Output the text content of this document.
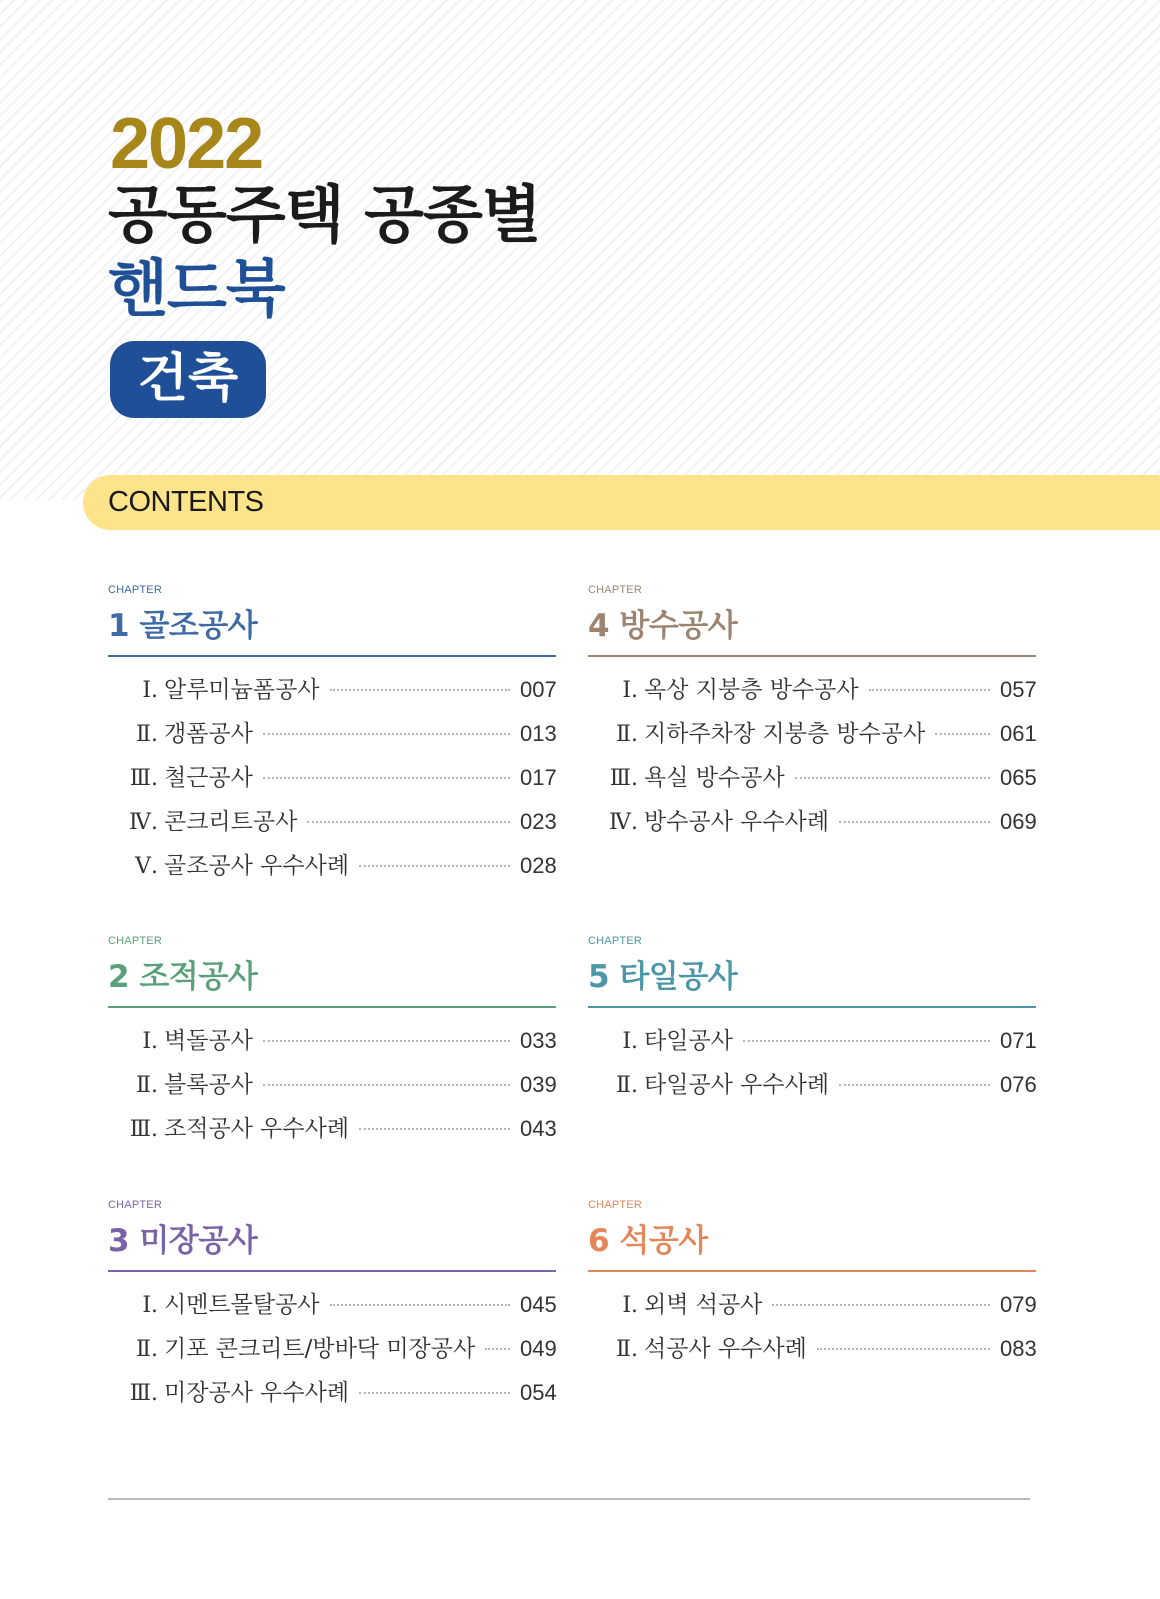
2022
공동주택 공종별
핸드북
건축
CONTENTS
CHAPTER
1 골조공사
Ⅰ. 알루미늄폼공사	007
Ⅱ. 갱폼공사	013
Ⅲ. 철근공사	017
Ⅳ. 콘크리트공사	023
Ⅴ. 골조공사 우수사례	028
CHAPTER
2 조적공사
Ⅰ. 벽돌공사	033
Ⅱ. 블록공사	039
Ⅲ. 조적공사 우수사례	043
CHAPTER
3 미장공사
Ⅰ. 시멘트몰탈공사	045
Ⅱ. 기포 콘크리트/방바닥 미장공사 049
Ⅲ. 미장공사 우수사례	054
CHAPTER
4 방수공사
Ⅰ. 옥상 지붕층 방수공사	057
Ⅱ. 지하주차장 지붕층 방수공사	061
Ⅲ. 욕실 방수공사	065
Ⅳ. 방수공사 우수사례	069
CHAPTER
5 타일공사
Ⅰ. 타일공사	071
Ⅱ. 타일공사 우수사례	076
CHAPTER
6 석공사
Ⅰ. 외벽 석공사	079
Ⅱ. 석공사 우수사례	083
